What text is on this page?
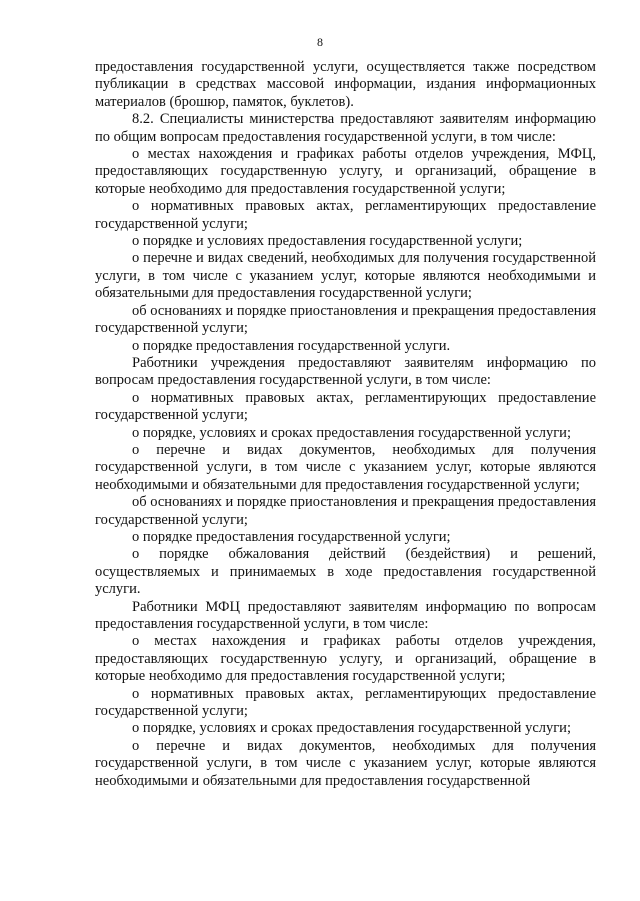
8

предоставления государственной услуги, осуществляется также посредством публикации в средствах массовой информации, издания информационных материалов (брошюр, памяток, буклетов).

8.2. Специалисты министерства предоставляют заявителям информацию по общим вопросам предоставления государственной услуги, в том числе:

о местах нахождения и графиках работы отделов учреждения, МФЦ, предоставляющих государственную услугу, и организаций, обращение в которые необходимо для предоставления государственной услуги;

о нормативных правовых актах, регламентирующих предоставление государственной услуги;

о порядке и условиях предоставления государственной услуги;

о перечне и видах сведений, необходимых для получения государственной услуги, в том числе с указанием услуг, которые являются необходимыми и обязательными для предоставления государственной услуги;

об основаниях и порядке приостановления и прекращения предоставления государственной услуги;

о порядке предоставления государственной услуги.

Работники учреждения предоставляют заявителям информацию по вопросам предоставления государственной услуги, в том числе:

о нормативных правовых актах, регламентирующих предоставление государственной услуги;

о порядке, условиях и сроках предоставления государственной услуги;

о перечне и видах документов, необходимых для получения государственной услуги, в том числе с указанием услуг, которые являются необходимыми и обязательными для предоставления государственной услуги;

об основаниях и порядке приостановления и прекращения предоставления государственной услуги;

о порядке предоставления государственной услуги;

о порядке обжалования действий (бездействия) и решений, осуществляемых и принимаемых в ходе предоставления государственной услуги.

Работники МФЦ предоставляют заявителям информацию по вопросам предоставления государственной услуги, в том числе:

о местах нахождения и графиках работы отделов учреждения, предоставляющих государственную услугу, и организаций, обращение в которые необходимо для предоставления государственной услуги;

о нормативных правовых актах, регламентирующих предоставление государственной услуги;

о порядке, условиях и сроках предоставления государственной услуги;

о перечне и видах документов, необходимых для получения государственной услуги, в том числе с указанием услуг, которые являются необходимыми и обязательными для предоставления государственной
